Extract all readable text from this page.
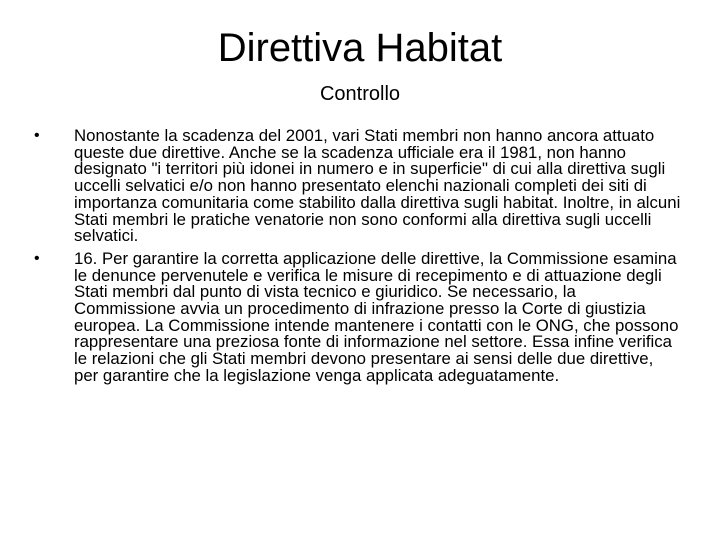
Direttiva Habitat
Controllo
•	Nonostante la scadenza del 2001, vari Stati membri non hanno ancora attuato queste due direttive. Anche se la scadenza ufficiale era il 1981, non hanno designato "i territori più idonei in numero e in superficie" di cui alla direttiva sugli uccelli selvatici e/o non hanno presentato elenchi nazionali completi dei siti di importanza comunitaria come stabilito dalla direttiva sugli habitat. Inoltre, in alcuni Stati membri le pratiche venatorie non sono conformi alla direttiva sugli uccelli selvatici.
•	16. Per garantire la corretta applicazione delle direttive, la Commissione esamina le denunce pervenutele e verifica le misure di recepimento e di attuazione degli Stati membri dal punto di vista tecnico e giuridico. Se necessario, la Commissione avvia un procedimento di infrazione presso la Corte di giustizia europea. La Commissione intende mantenere i contatti con le ONG, che possono rappresentare una preziosa fonte di informazione nel settore. Essa infine verifica le relazioni che gli Stati membri devono presentare ai sensi delle due direttive, per garantire che la legislazione venga applicata adeguatamente.
